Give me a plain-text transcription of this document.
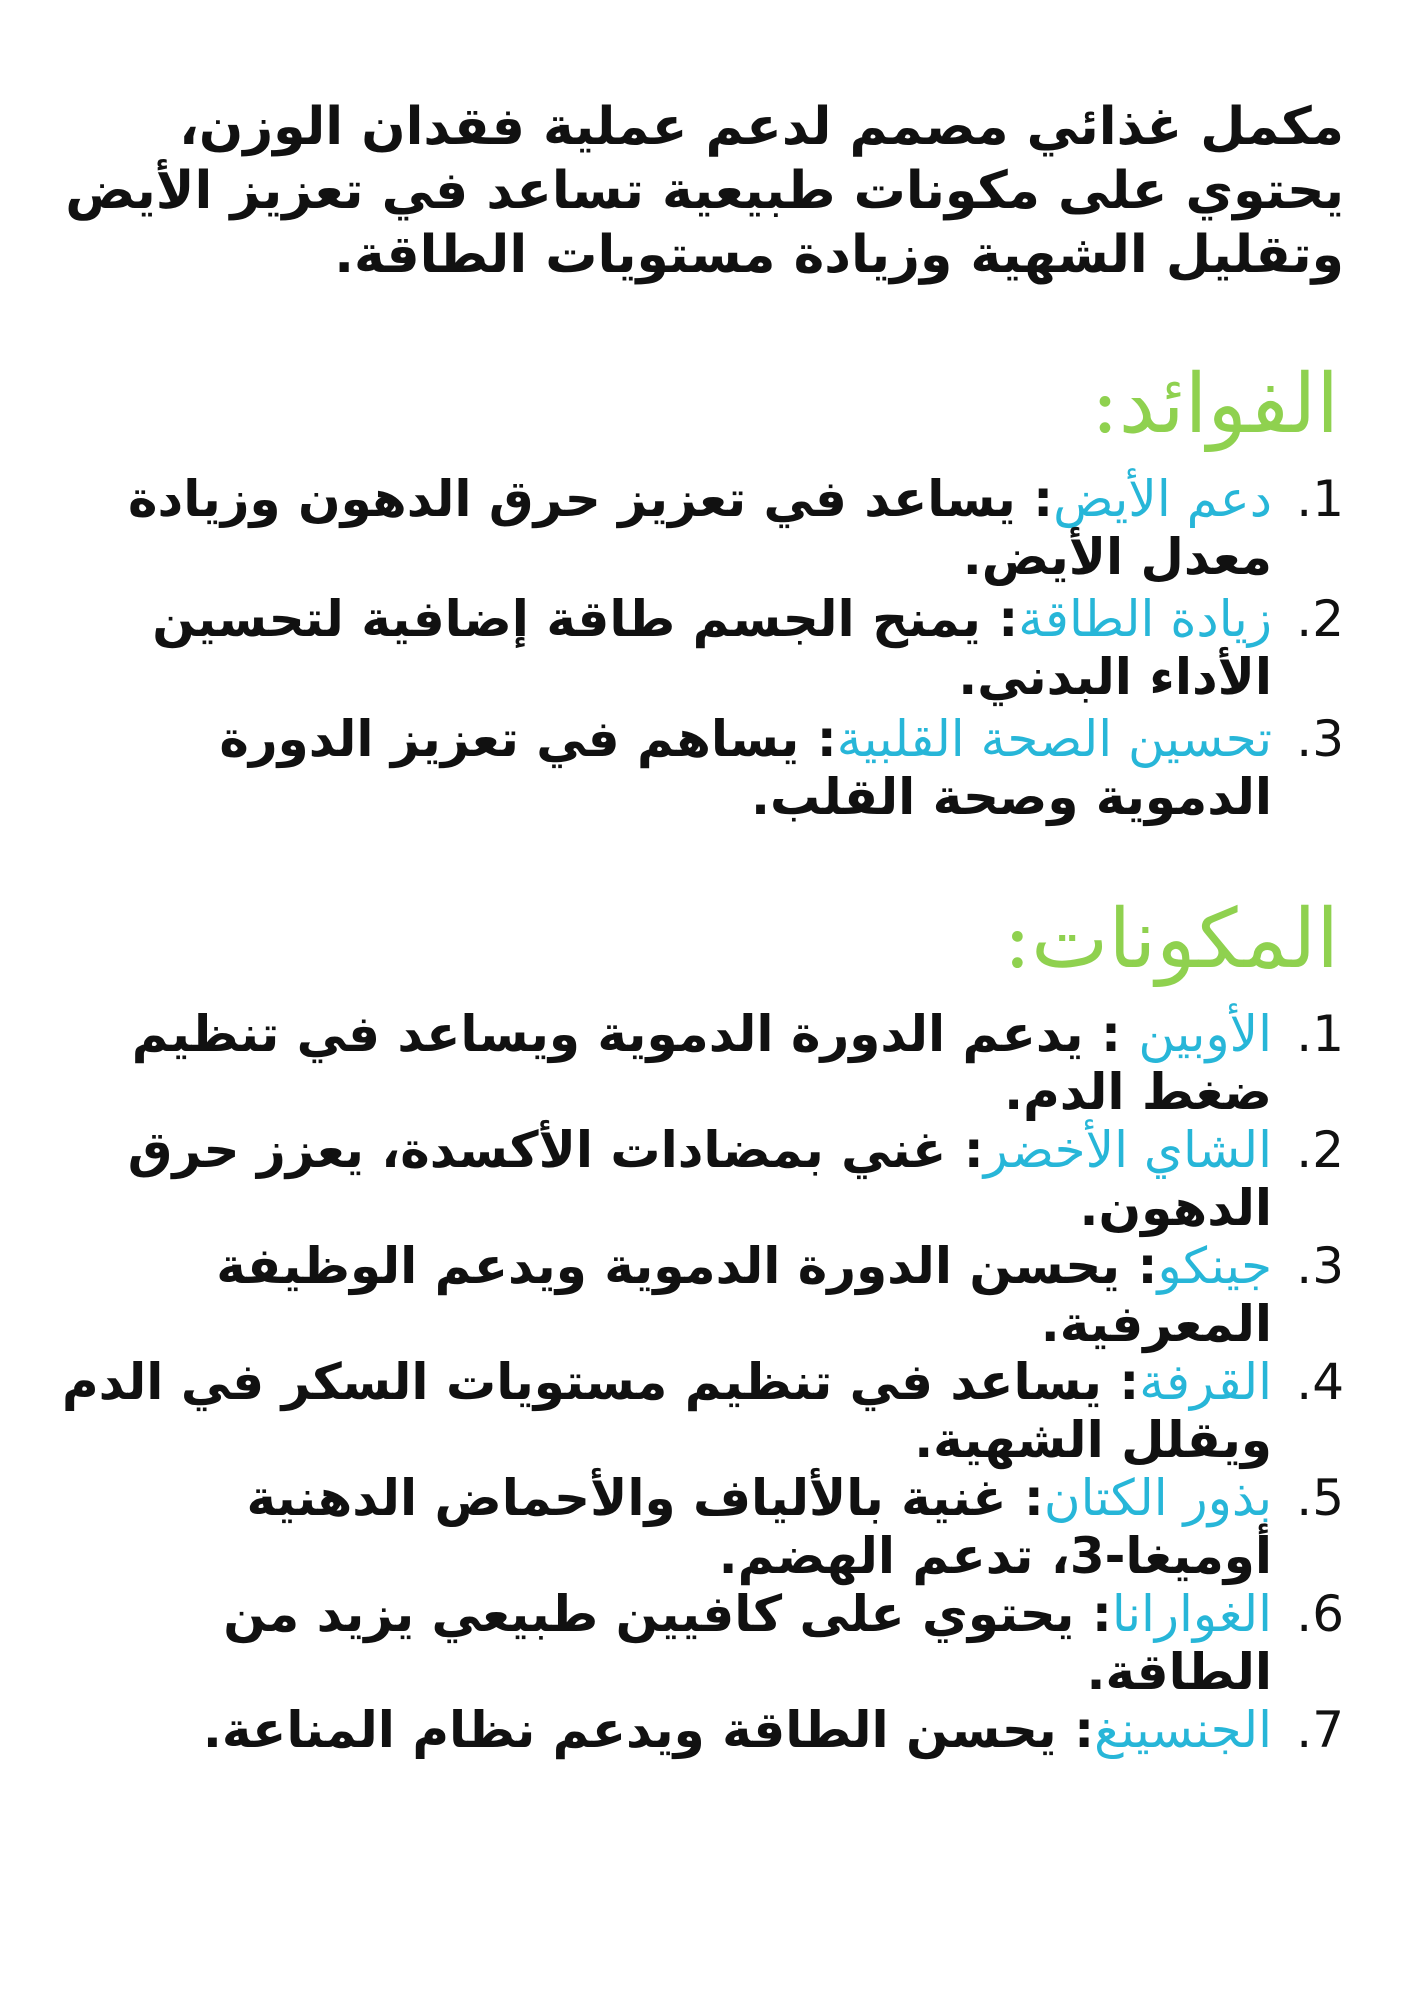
مكمل غذائي مصمم لدعم عملية فقدان الوزن، يحتوي على مكونات طبيعية تساعد في تعزيز الأيض وتقليل الشهية وزيادة مستويات الطاقة.

الفوائد:
1.
دعم الأيض: يساعد في تعزيز حرق الدهون وزيادة معدل الأيض.
2.
زيادة الطاقة: يمنح الجسم طاقة إضافية لتحسين الأداء البدني.
3.
تحسين الصحة القلبية: يساهم في تعزيز الدورة الدموية وصحة القلب.
المكونات:
1.
الأوبين : يدعم الدورة الدموية ويساعد في تنظيم ضغط الدم.
2.
الشاي الأخضر: غني بمضادات الأكسدة، يعزز حرق الدهون.
3.
جينكو: يحسن الدورة الدموية ويدعم الوظيفة المعرفية.
4.
القرفة: يساعد في تنظيم مستويات السكر في الدم ويقلل الشهية.
5.
بذور الكتان: غنية بالألياف والأحماض الدهنية أوميغا-3، تدعم الهضم.
6.
الغوارانا: يحتوي على كافيين طبيعي يزيد من الطاقة.
7.
الجنسينغ: يحسن الطاقة ويدعم نظام المناعة.
